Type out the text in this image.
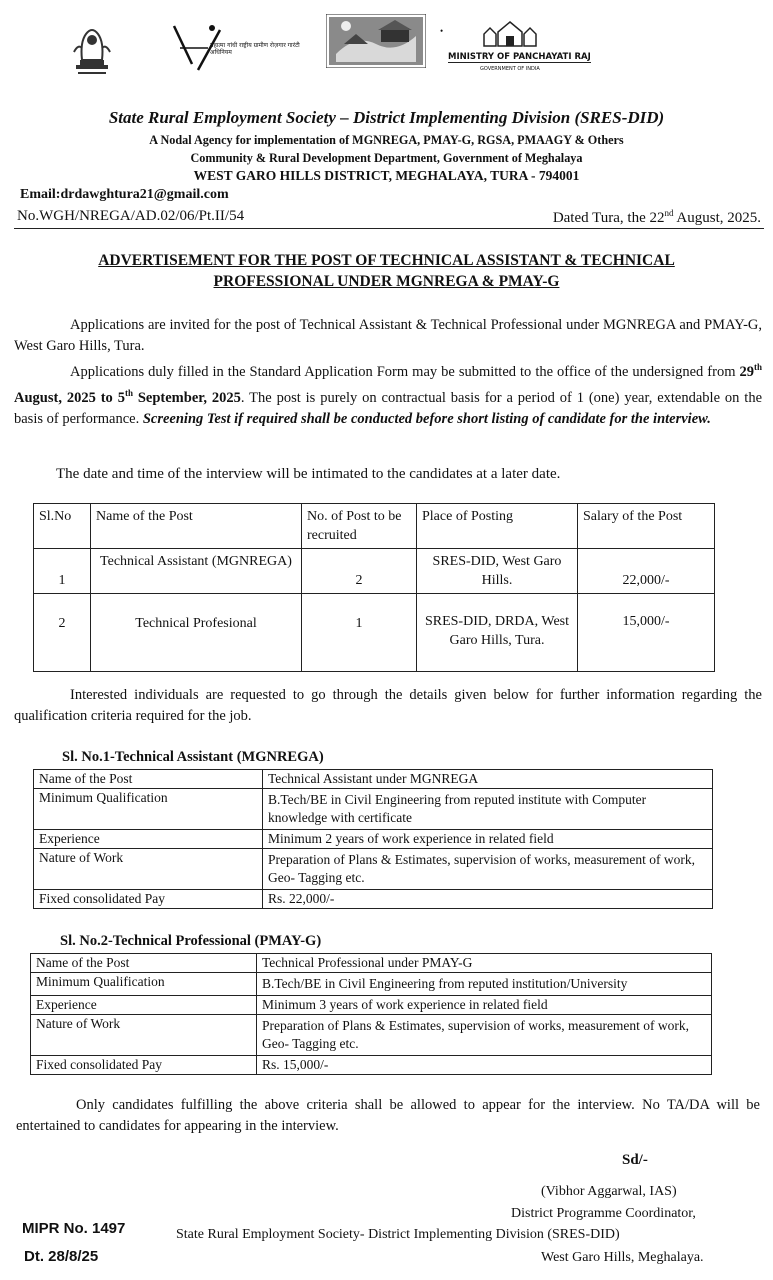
महात्मा गांधी राष्ट्रीय ग्रामीण रोज़गार गारंटी अधिनियम
•
MINISTRY OF PANCHAYATI RAJ
GOVERNMENT OF INDIA
State Rural Employment Society – District Implementing Division (SRES-DID)
A Nodal Agency for implementation of MGNREGA, PMAY-G, RGSA, PMAAGY & Others
Community & Rural Development Department, Government of Meghalaya
WEST GARO HILLS DISTRICT, MEGHALAYA, TURA - 794001
Email:drdawghtura21@gmail.com
No.WGH/NREGA/AD.02/06/Pt.II/54	Dated Tura, the 22nd August, 2025.
ADVERTISEMENT FOR THE POST OF TECHNICAL ASSISTANT & TECHNICAL
PROFESSIONAL UNDER MGNREGA & PMAY-G
Applications are invited for the post of Technical Assistant & Technical Professional under MGNREGA and PMAY-G, West Garo Hills, Tura.
Applications duly filled in the Standard Application Form may be submitted to the office of the undersigned from 29th August, 2025 to 5th September, 2025. The post is purely on contractual basis for a period of 1 (one) year, extendable on the basis of performance. Screening Test if required shall be conducted before short listing of candidate for the interview.
The date and time of the interview will be intimated to the candidates at a later date.
Sl.No	Name of the Post	No. of Post to be recruited	Place of Posting	Salary of the Post
1	Technical Assistant (MGNREGA)	2	SRES-DID, West Garo Hills.	22,000/-
2	Technical Profesional	1	SRES-DID, DRDA, West Garo Hills, Tura.	15,000/-
Interested individuals are requested to go through the details given below for further information regarding the qualification criteria required for the job.
Sl. No.1-Technical Assistant (MGNREGA)
Name of the Post	Technical Assistant under MGNREGA
Minimum Qualification	B.Tech/BE in Civil Engineering from reputed institute with Computer knowledge with certificate
Experience	Minimum 2 years of work experience in related field
Nature of Work	Preparation of Plans & Estimates, supervision of works, measurement of work, Geo- Tagging etc.
Fixed consolidated Pay	Rs. 22,000/-
Sl. No.2-Technical Professional (PMAY-G)
Name of the Post	Technical Professional under PMAY-G
Minimum Qualification	B.Tech/BE in Civil Engineering from reputed institution/University
Experience	Minimum 3 years of work experience in related field
Nature of Work	Preparation of Plans & Estimates, supervision of works, measurement of work, Geo- Tagging etc.
Fixed consolidated Pay	Rs. 15,000/-
Only candidates fulfilling the above criteria shall be allowed to appear for the interview. No TA/DA will be entertained to candidates for appearing in the interview.
Sd/-
(Vibhor Aggarwal, IAS)
District Programme Coordinator,
State Rural Employment Society- District Implementing Division (SRES-DID)
West Garo Hills, Meghalaya.
MIPR No. 1497
Dt. 28/8/25
